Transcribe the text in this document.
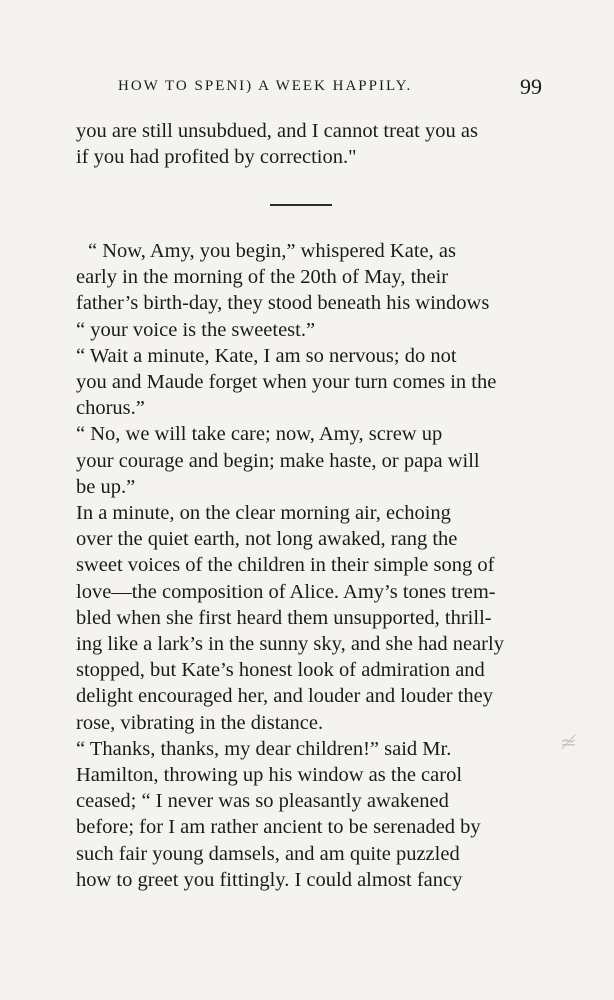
HOW TO SPENI) A WEEK HAPPILY.	99
you are still unsubdued, and I cannot treat you as
if you had profited by correction."

“ Now, Amy, you begin,” whispered Kate, as
early in the morning of the 20th of May, their
father’s birth-day, they stood beneath his windows
“ your voice is the sweetest.”

“ Wait a minute, Kate, I am so nervous; do not
you and Maude forget when your turn comes in the
chorus.”

“ No, we will take care; now, Amy, screw up
your courage and begin; make haste, or papa will
be up.”

In a minute, on the clear morning air, echoing
over the quiet earth, not long awaked, rang the
sweet voices of the children in their simple song of
love—the composition of Alice. Amy’s tones trem-
bled when she first heard them unsupported, thrill-
ing like a lark’s in the sunny sky, and she had nearly
stopped, but Kate’s honest look of admiration and
delight encouraged her, and louder and louder they
rose, vibrating in the distance.

“ Thanks, thanks, my dear children!” said Mr.
Hamilton, throwing up his window as the carol
ceased; “ I never was so pleasantly awakened
before; for I am rather ancient to be serenaded by
such fair young damsels, and am quite puzzled
how to greet you fittingly. I could almost fancy

≄
